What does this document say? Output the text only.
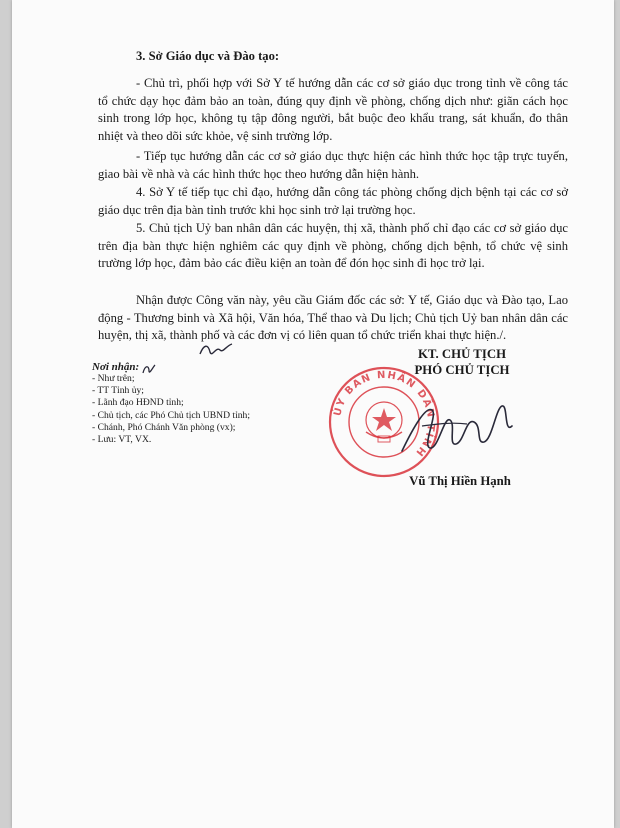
3. Sở Giáo dục và Đào tạo:

- Chủ trì, phối hợp với Sở Y tế hướng dẫn các cơ sở giáo dục trong tỉnh về công tác tổ chức dạy học đảm bảo an toàn, đúng quy định về phòng, chống dịch như: giãn cách học sinh trong lớp học, không tụ tập đông người, bắt buộc đeo khẩu trang, sát khuẩn, đo thân nhiệt và theo dõi sức khỏe, vệ sinh trường lớp.

- Tiếp tục hướng dẫn các cơ sở giáo dục thực hiện các hình thức học tập trực tuyến, giao bài về nhà và các hình thức học theo hướng dẫn hiện hành.

4. Sở Y tế tiếp tục chỉ đạo, hướng dẫn công tác phòng chống dịch bệnh tại các cơ sở giáo dục trên địa bàn tỉnh trước khi học sinh trở lại trường học.

5. Chủ tịch Uỷ ban nhân dân các huyện, thị xã, thành phố chỉ đạo các cơ sở giáo dục trên địa bàn thực hiện nghiêm các quy định về phòng, chống dịch bệnh, tổ chức vệ sinh trường lớp học, đảm bảo các điều kiện an toàn để đón học sinh đi học trở lại.

Nhận được Công văn này, yêu cầu Giám đốc các sở: Y tế, Giáo dục và Đào tạo, Lao động - Thương binh và Xã hội, Văn hóa, Thể thao và Du lịch; Chủ tịch Uỷ ban nhân dân các huyện, thị xã, thành phố và các đơn vị có liên quan tổ chức triển khai thực hiện./.

Nơi nhận:
- Như trên;
- TT Tỉnh ủy;
- Lãnh đạo HĐND tỉnh;
- Chủ tịch, các Phó Chủ tịch UBND tỉnh;
- Chánh, Phó Chánh Văn phòng (vx);
- Lưu: VT, VX.
KT. CHỦ TỊCH
PHÓ CHỦ TỊCH
ỦY BAN NHÂN DÂN TỈNH
Vũ Thị Hiền Hạnh
